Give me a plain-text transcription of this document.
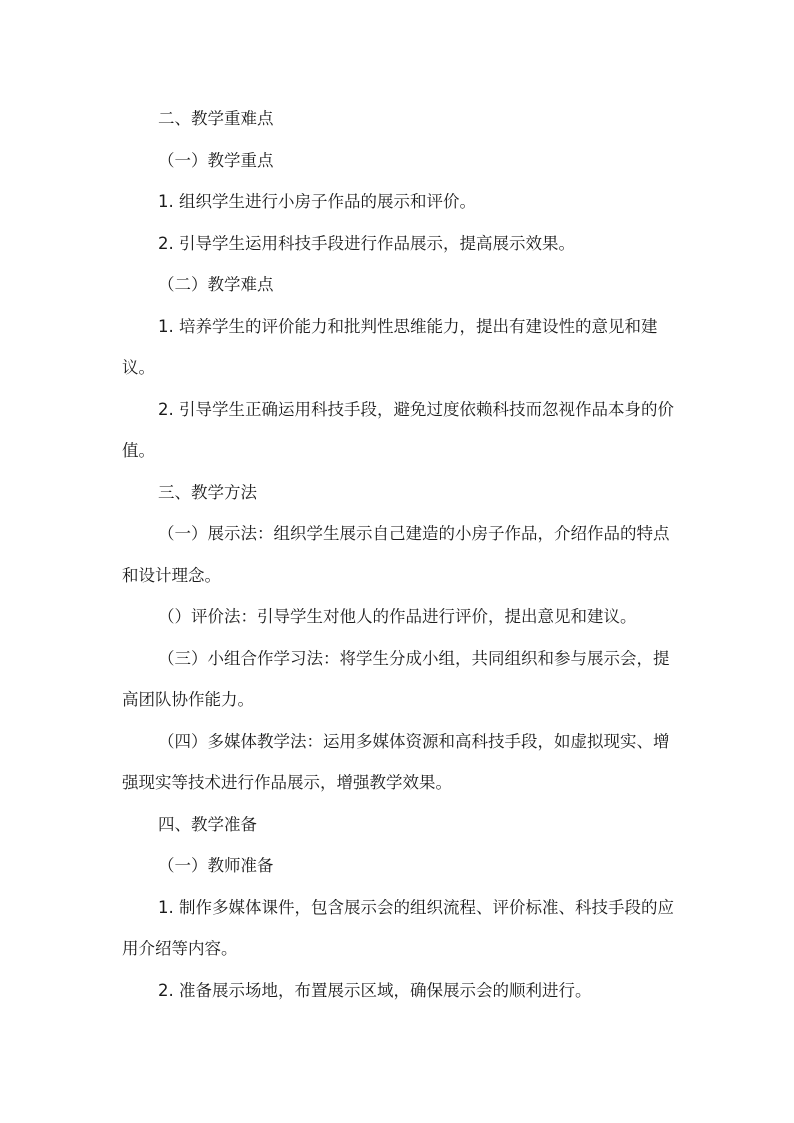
二、教学重难点

（一）教学重点

1. 组织学生进行小房子作品的展示和评价。

2. 引导学生运用科技手段进行作品展示，提高展示效果。

（二）教学难点

1. 培养学生的评价能力和批判性思维能力，提出有建设性的意见和建议。

2. 引导学生正确运用科技手段，避免过度依赖科技而忽视作品本身的价值。

三、教学方法

（一）展示法：组织学生展示自己建造的小房子作品，介绍作品的特点和设计理念。

（）评价法：引导学生对他人的作品进行评价，提出意见和建议。

（三）小组合作学习法：将学生分成小组，共同组织和参与展示会，提高团队协作能力。

（四）多媒体教学法：运用多媒体资源和高科技手段，如虚拟现实、增强现实等技术进行作品展示，增强教学效果。

四、教学准备

（一）教师准备

1. 制作多媒体课件，包含展示会的组织流程、评价标准、科技手段的应用介绍等内容。

2. 准备展示场地，布置展示区域，确保展示会的顺利进行。
